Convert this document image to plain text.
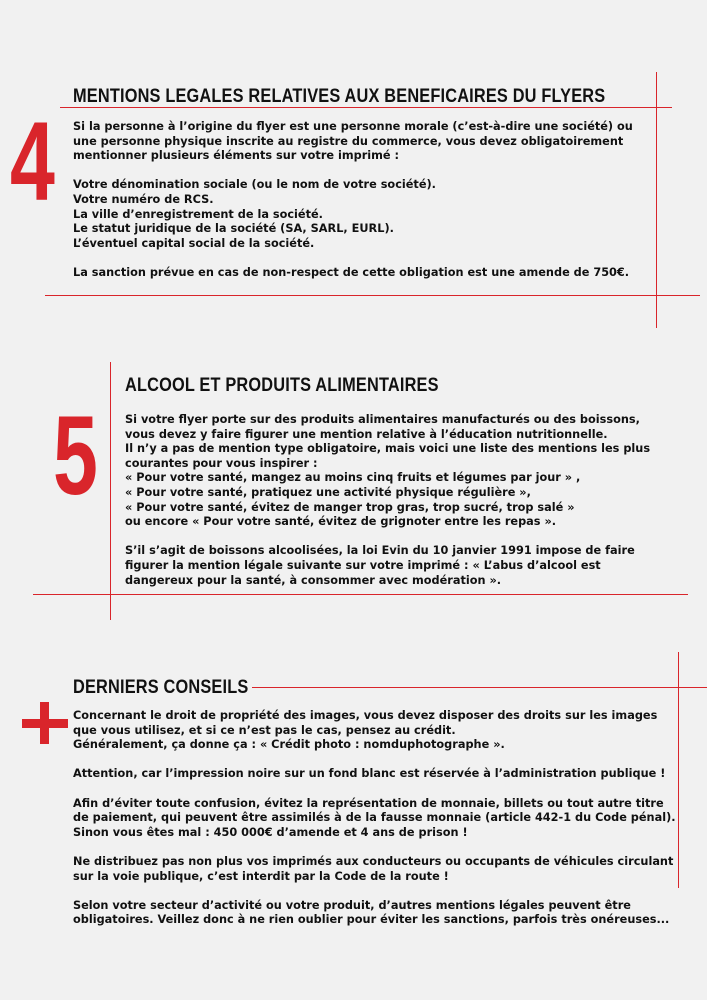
4
MENTIONS LEGALES RELATIVES AUX BENEFICAIRES DU FLYERS

Si la personne à l’origine du flyer est une personne morale (c’est-à-dire une société) ou une personne physique inscrite au registre du commerce, vous devez obligatoirement mentionner plusieurs éléments sur votre imprimé :

Votre dénomination sociale (ou le nom de votre société).

Votre numéro de RCS.

La ville d’enregistrement de la société.

Le statut juridique de la société (SA, SARL, EURL).

L’éventuel capital social de la société.

La sanction prévue en cas de non-respect de cette obligation est une amende de 750€.

5
ALCOOL ET PRODUITS ALIMENTAIRES

Si votre flyer porte sur des produits alimentaires manufacturés ou des boissons, vous devez y faire figurer une mention relative à l’éducation nutritionnelle.

Il n’y a pas de mention type obligatoire, mais voici une liste des mentions les plus courantes pour vous inspirer :

« Pour votre santé, mangez au moins cinq fruits et légumes par jour » ,

« Pour votre santé, pratiquez une activité physique régulière »,

« Pour votre santé, évitez de manger trop gras, trop sucré, trop salé »

ou encore « Pour votre santé, évitez de grignoter entre les repas ».

S’il s’agit de boissons alcoolisées, la loi Evin du 10 janvier 1991 impose de faire figurer la mention légale suivante sur votre imprimé : « L’abus d’alcool est dangereux pour la santé, à consommer avec modération ».

DERNIERS CONSEILS

Concernant le droit de propriété des images, vous devez disposer des droits sur les images que vous utilisez, et si ce n’est pas le cas, pensez au crédit.

Généralement, ça donne ça : « Crédit photo : nomduphotographe ».

Attention, car l’impression noire sur un fond blanc est réservée à l’administration publique !

Afin d’éviter toute confusion, évitez la représentation de monnaie, billets ou tout autre titre de paiement, qui peuvent être assimilés à de la fausse monnaie (article 442-1 du Code pénal).

Sinon vous êtes mal : 450 000€ d’amende et 4 ans de prison !

Ne distribuez pas non plus vos imprimés aux conducteurs ou occupants de véhicules circulant sur la voie publique, c’est interdit par la Code de la route !

Selon votre secteur d’activité ou votre produit, d’autres mentions légales peuvent être obligatoires. Veillez donc à ne rien oublier pour éviter les sanctions, parfois très onéreuses...
